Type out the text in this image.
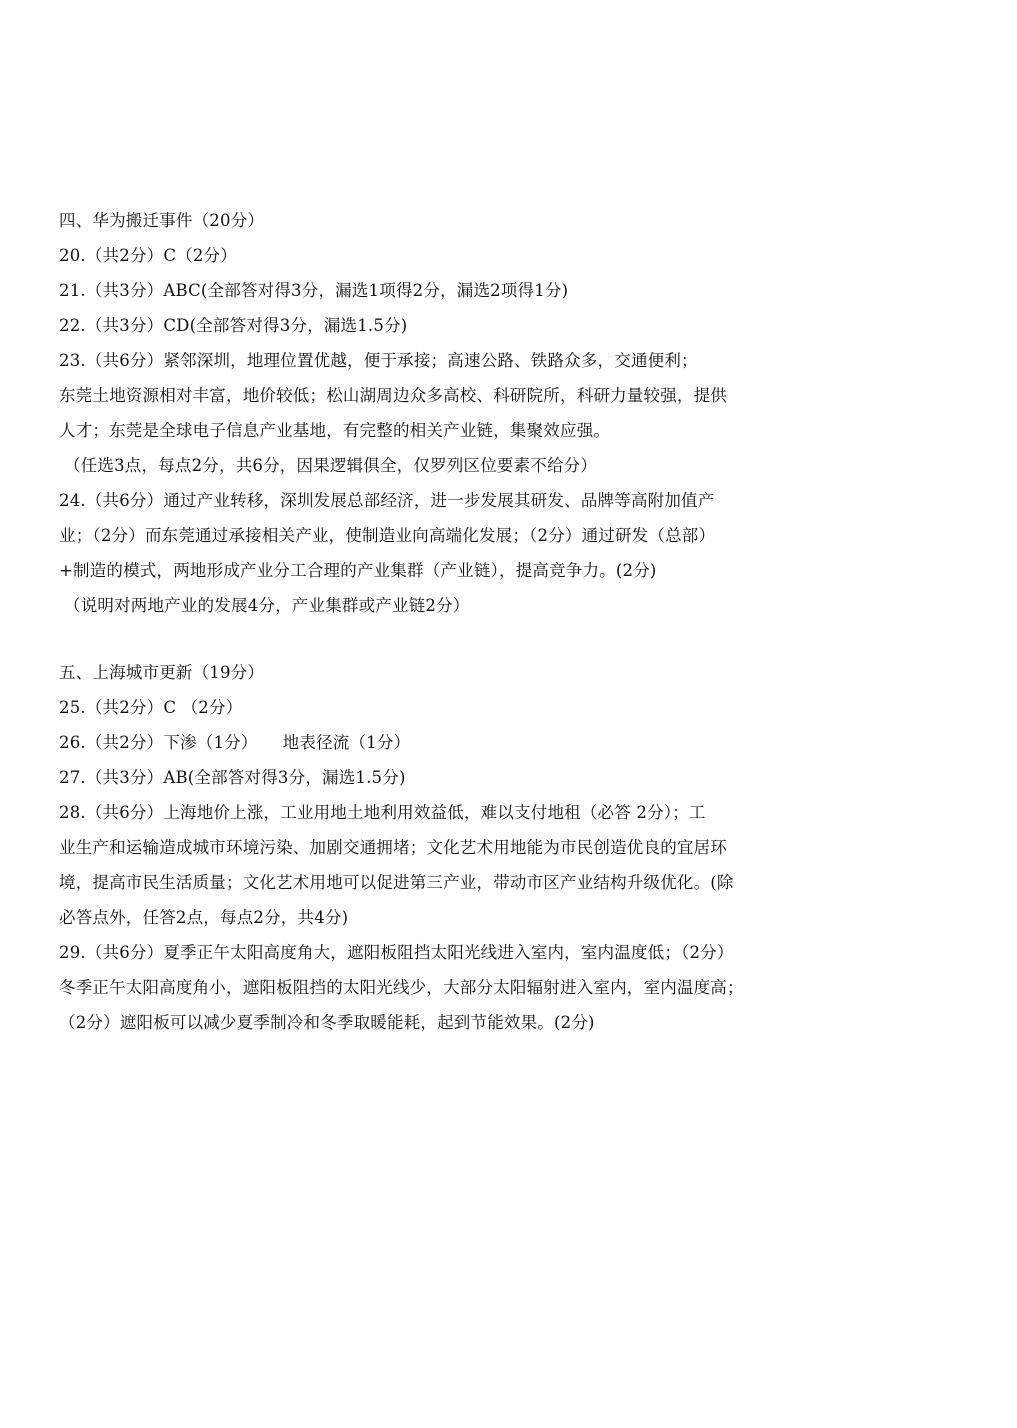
四、华为搬迁事件（20分）
20.（共2分）C（2分）
21.（共3分）ABC(全部答对得3分，漏选1项得2分，漏选2项得1分)
22.（共3分）CD(全部答对得3分，漏选1.5分)
23.（共6分）紧邻深圳，地理位置优越，便于承接；高速公路、铁路众多，交通便利；
东莞土地资源相对丰富，地价较低；松山湖周边众多高校、科研院所，科研力量较强，提供
人才；东莞是全球电子信息产业基地，有完整的相关产业链，集聚效应强。
（任选3点，每点2分，共6分，因果逻辑俱全，仅罗列区位要素不给分）
24.（共6分）通过产业转移，深圳发展总部经济，进一步发展其研发、品牌等高附加值产
业；（2分）而东莞通过承接相关产业，使制造业向高端化发展；（2分）通过研发（总部）
+制造的模式，两地形成产业分工合理的产业集群（产业链），提高竞争力。(2分)
（说明对两地产业的发展4分，产业集群或产业链2分）
五、上海城市更新（19分）
25.（共2分）C （2分）
26.（共2分）下渗（1分）　　地表径流（1分）
27.（共3分）AB(全部答对得3分，漏选1.5分)
28.（共6分）上海地价上涨，工业用地土地利用效益低，难以支付地租（必答 2分）；工
业生产和运输造成城市环境污染、加剧交通拥堵；文化艺术用地能为市民创造优良的宜居环
境，提高市民生活质量；文化艺术用地可以促进第三产业，带动市区产业结构升级优化。(除
必答点外，任答2点，每点2分，共4分)
29.（共6分）夏季正午太阳高度角大，遮阳板阻挡太阳光线进入室内，室内温度低；（2分）
冬季正午太阳高度角小，遮阳板阻挡的太阳光线少，大部分太阳辐射进入室内，室内温度高；
（2分）遮阳板可以减少夏季制冷和冬季取暖能耗，起到节能效果。(2分)
